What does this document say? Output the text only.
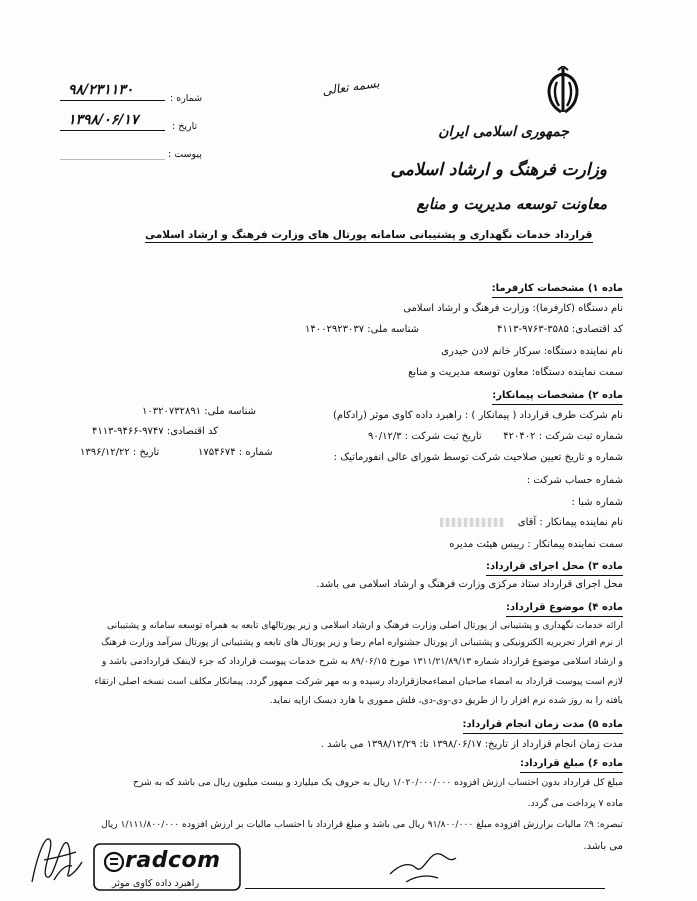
جمهوری اسلامی ایران
وزارت فرهنگ و ارشاد اسلامی
معاونت توسعه مدیریت و منابع
بسمه تعالی
شماره :
۹۸/۲۳۱۱۳۰
تاریخ :
۱۳۹۸/۰۶/۱۷
پیوست :
قرارداد خدمات نگهداری و پشتیبانی سامانه پورتال های وزارت فرهنگ و ارشاد اسلامی
ماده ۱) مشخصات کارفرما:
نام دستگاه (کارفرما): وزارت فرهنگ و ارشاد اسلامی
کد اقتصادی: ۳۵۸۵-۹۷۶۳-۴۱۱۳
شناسه ملی: ۱۴۰۰۲۹۲۳۰۳۷
نام نماینده دستگاه: سرکار خانم لادن حیدری
سمت نماینده دستگاه: معاون توسعه مدیریت و منابع
ماده ۲) مشخصات پیمانکار:
نام شرکت طرف قرارداد ( پیمانکار ) : راهبرد داده کاوی موثر (رادکام)
شناسه ملی: ۱۰۳۲۰۷۳۲۸۹۱
شماره ثبت شرکت : ۴۲۰۴۰۲
تاریخ ثبت شرکت : ۹۰/۱۲/۳
کد اقتصادی: ۹۷۴۷-۹۴۶۶-۴۱۱۳
شماره و تاریخ تعیین صلاحیت شرکت توسط شورای عالی انفورماتیک :
شماره : ۱۷۵۴۶۷۴
تاریخ : ۱۳۹۶/۱۲/۲۲
شماره حساب شرکت :
شماره شبا :
نام نماینده پیمانکار : آقای
سمت نماینده پیمانکار : رییس هیئت مدیره
ماده ۳) محل اجرای قرارداد:
محل اجرای قرارداد ستاد مرکزی وزارت فرهنگ و ارشاد اسلامی می باشد.
ماده ۴) موضوع قرارداد:
ارائه خدمات نگهداری و پشتیبانی از پورتال اصلی وزارت فرهنگ و ارشاد اسلامی و زیر پورتالهای تابعه به همراه توسعه سامانه و پشتیبانی
از نرم افزار تحریریه الکترونیکی و پشتیبانی از پورتال جشنواره امام رضا و زیر پورتال های تابعه و پشتیبانی از پورتال سرآمد وزارت فرهنگ
و ارشاد اسلامی موضوع قرارداد شماره ۱۳۱۱/۲۱/۸۹/۱۳ مورخ ۸۹/۰۶/۱۵ به شرح خدمات پیوست قرارداد که جزء لاینفک قراردادمی باشد و
لازم است پیوست قرارداد به امضاء صاحبان امضاءمجازقرارداد رسیده و به مهر شرکت ممهور گردد. پیمانکار مکلف است نسخه اصلی ارتقاء
یافته را به روز شده نرم افزار را از طریق دی-وی-دی، فلش مموری یا هارد دیسک ارایه نماید.
ماده ۵) مدت زمان انجام قرارداد:
مدت زمان انجام قرارداد از تاریخ: ۱۳۹۸/۰۶/۱۷ تا: ۱۳۹۸/۱۲/۲۹ می باشد .
ماده ۶) مبلغ قرارداد:
مبلغ کل قرارداد بدون احتساب ارزش افزوده ۱/۰۲۰/۰۰۰/۰۰۰ ریال به حروف یک میلیارد و بیست میلیون ریال می باشد که به شرح
ماده ۷ پرداخت می گردد.
تبصره: ۹٪ مالیات برارزش افزوده مبلغ ۹۱/۸۰۰/۰۰۰ ریال می باشد و مبلغ قرارداد با احتساب مالیات بر ارزش افزوده ۱/۱۱۱/۸۰۰/۰۰۰ ریال
می باشد.
radcom
راهبرد داده کاوی موثر
